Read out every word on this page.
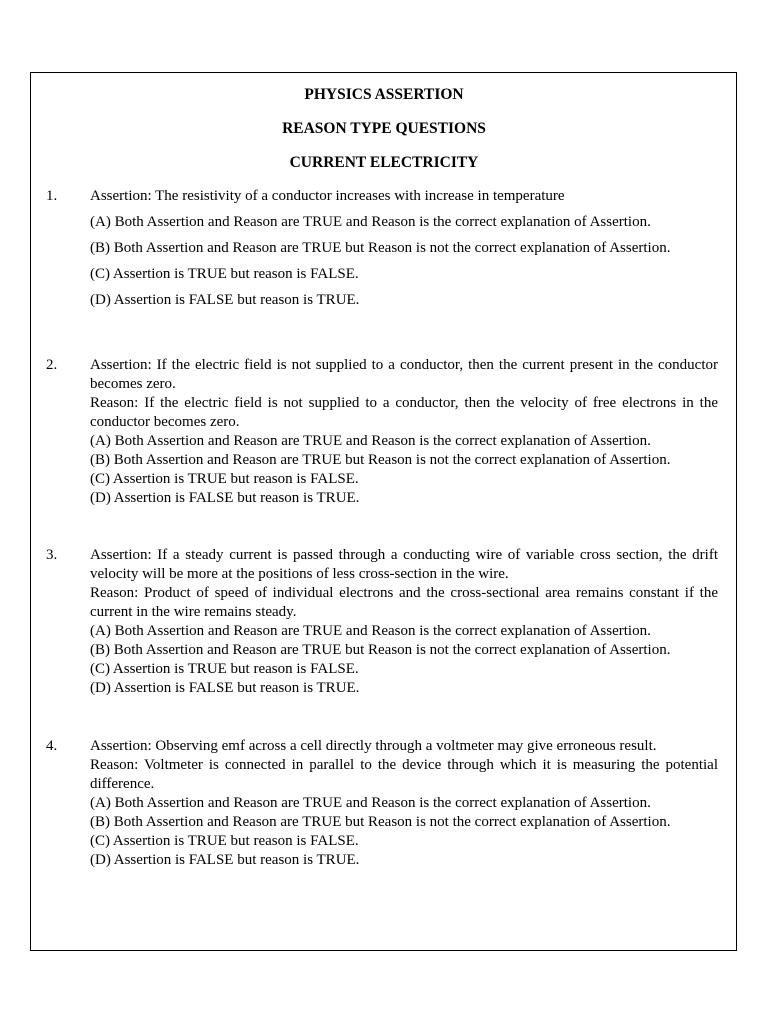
PHYSICS ASSERTION
REASON TYPE QUESTIONS
CURRENT ELECTRICITY
1. Assertion: The resistivity of a conductor increases with increase in temperature

(A) Both Assertion and Reason are TRUE and Reason is the correct explanation of Assertion.

(B) Both Assertion and Reason are TRUE but Reason is not the correct explanation of Assertion.

(C) Assertion is TRUE but reason is FALSE.

(D) Assertion is FALSE but reason is TRUE.

2. Assertion: If the electric field is not supplied to a conductor, then the current present in the conductor becomes zero.

Reason: If the electric field is not supplied to a conductor, then the velocity of free electrons in the conductor becomes zero.

(A) Both Assertion and Reason are TRUE and Reason is the correct explanation of Assertion.

(B) Both Assertion and Reason are TRUE but Reason is not the correct explanation of Assertion.

(C) Assertion is TRUE but reason is FALSE.

(D) Assertion is FALSE but reason is TRUE.

3. Assertion: If a steady current is passed through a conducting wire of variable cross section, the drift velocity will be more at the positions of less cross-section in the wire.

Reason: Product of speed of individual electrons and the cross-sectional area remains constant if the current in the wire remains steady.

(A) Both Assertion and Reason are TRUE and Reason is the correct explanation of Assertion.

(B) Both Assertion and Reason are TRUE but Reason is not the correct explanation of Assertion.

(C) Assertion is TRUE but reason is FALSE.

(D) Assertion is FALSE but reason is TRUE.

4. Assertion: Observing emf across a cell directly through a voltmeter may give erroneous result.

Reason: Voltmeter is connected in parallel to the device through which it is measuring the potential difference.

(A) Both Assertion and Reason are TRUE and Reason is the correct explanation of Assertion.

(B) Both Assertion and Reason are TRUE but Reason is not the correct explanation of Assertion.

(C) Assertion is TRUE but reason is FALSE.

(D) Assertion is FALSE but reason is TRUE.
